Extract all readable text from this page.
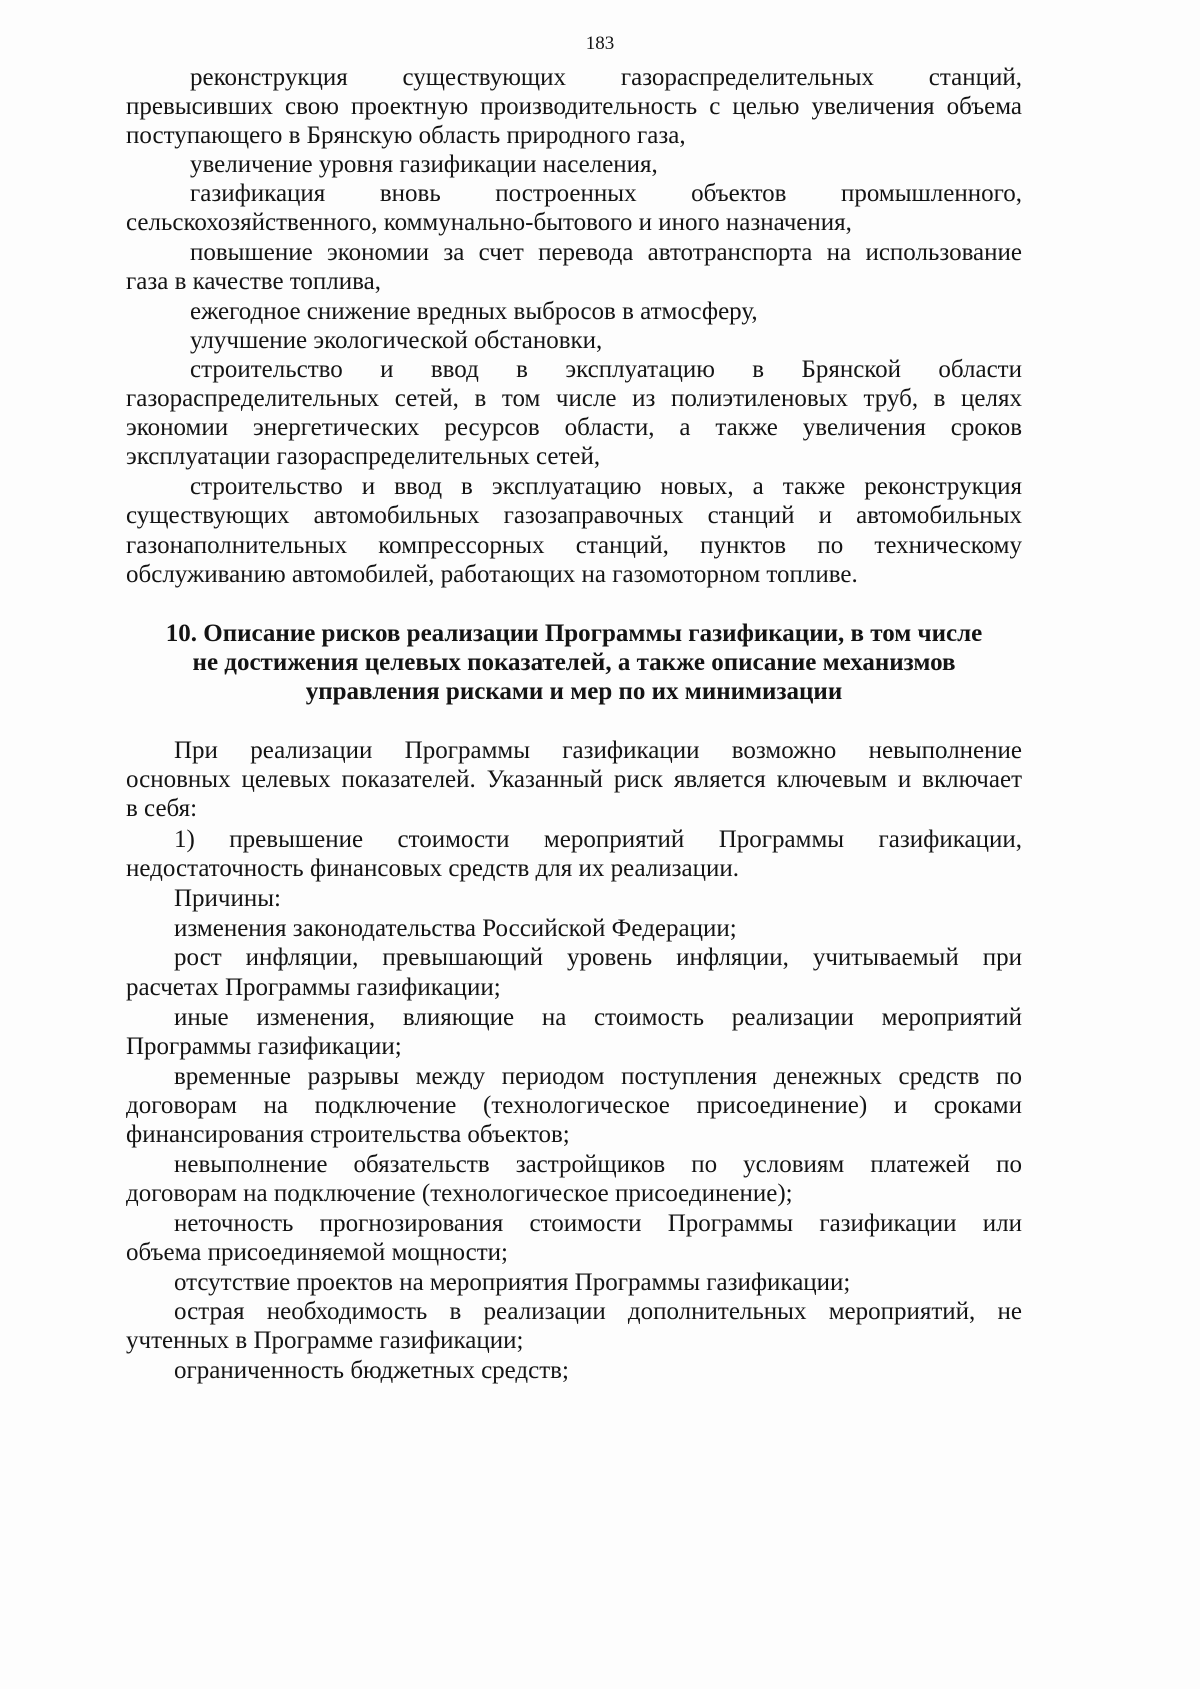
183
реконструкция существующих газораспределительных станций,
превысивших свою проектную производительность с целью увеличения объема
поступающего в Брянскую область природного газа,
увеличение уровня газификации населения,
газификация вновь построенных объектов промышленного,
сельскохозяйственного, коммунально-бытового и иного назначения,
повышение экономии за счет перевода автотранспорта на использование
газа в качестве топлива,
ежегодное снижение вредных выбросов в атмосферу,
улучшение экологической обстановки,
строительство и ввод в эксплуатацию в Брянской области
газораспределительных сетей, в том числе из полиэтиленовых труб, в целях
экономии энергетических ресурсов области, а также увеличения сроков
эксплуатации газораспределительных сетей,
строительство и ввод в эксплуатацию новых, а также реконструкция
существующих автомобильных газозаправочных станций и автомобильных
газонаполнительных компрессорных станций, пунктов по техническому
обслуживанию автомобилей, работающих на газомоторном топливе.
10. Описание рисков реализации Программы газификации, в том числе
не достижения целевых показателей, а также описание механизмов
управления рисками и мер по их минимизации
При реализации Программы газификации возможно невыполнение
основных целевых показателей. Указанный риск является ключевым и включает
в себя:
1) превышение стоимости мероприятий Программы газификации,
недостаточность финансовых средств для их реализации.
Причины:
изменения законодательства Российской Федерации;
рост инфляции, превышающий уровень инфляции, учитываемый при
расчетах Программы газификации;
иные изменения, влияющие на стоимость реализации мероприятий
Программы газификации;
временные разрывы между периодом поступления денежных средств по
договорам на подключение (технологическое присоединение) и сроками
финансирования строительства объектов;
невыполнение обязательств застройщиков по условиям платежей по
договорам на подключение (технологическое присоединение);
неточность прогнозирования стоимости Программы газификации или
объема присоединяемой мощности;
отсутствие проектов на мероприятия Программы газификации;
острая необходимость в реализации дополнительных мероприятий, не
учтенных в Программе газификации;
ограниченность бюджетных средств;
